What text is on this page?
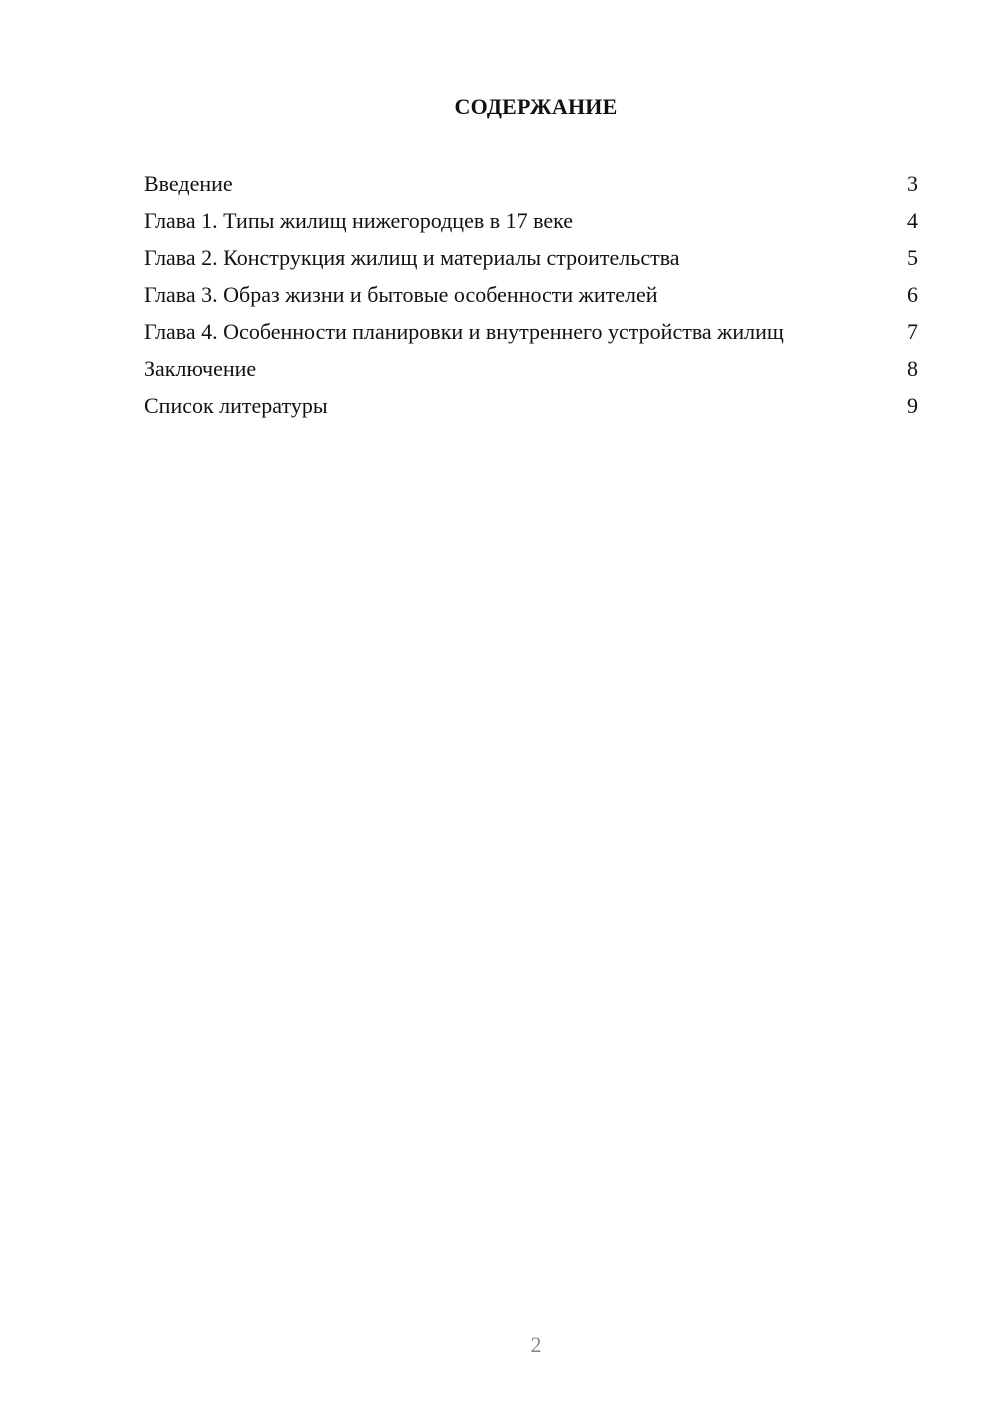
СОДЕРЖАНИЕ
Введение	3
Глава 1. Типы жилищ нижегородцев в 17 веке	4
Глава 2. Конструкция жилищ и материалы строительства	5
Глава 3. Образ жизни и бытовые особенности жителей	6
Глава 4. Особенности планировки и внутреннего устройства жилищ	7
Заключение	8
Список литературы	9
2
